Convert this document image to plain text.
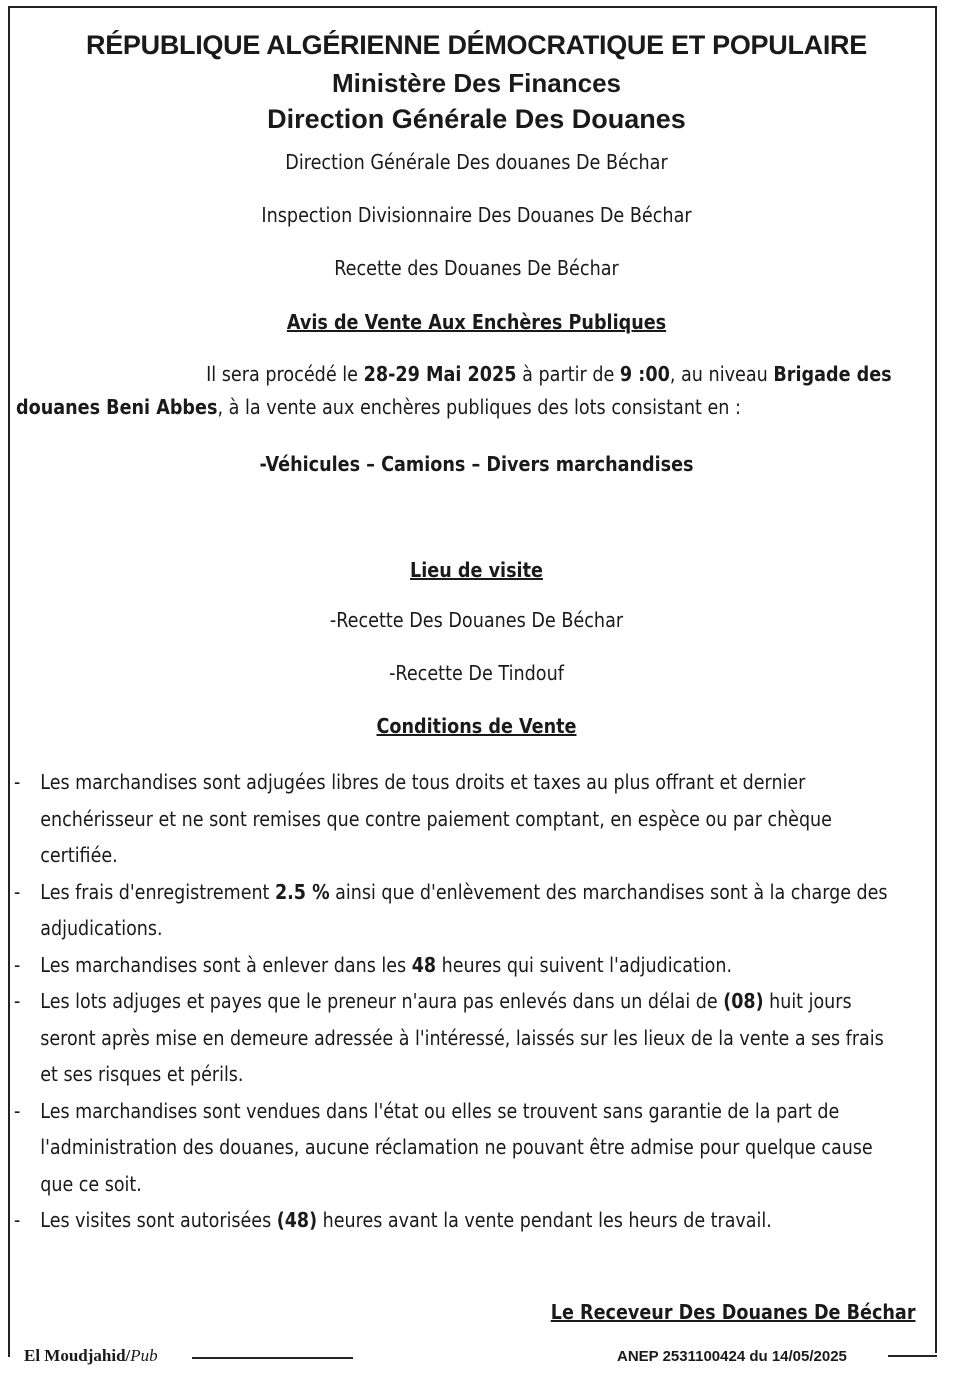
RÉPUBLIQUE ALGÉRIENNE DÉMOCRATIQUE ET POPULAIRE
Ministère Des Finances
Direction Générale Des Douanes
Direction Générale Des douanes De Béchar
Inspection Divisionnaire Des Douanes De Béchar
Recette des Douanes De Béchar
Avis de Vente Aux Enchères Publiques
Il sera procédé le 28-29 Mai 2025 à partir de 9 :00, au niveau Brigade des douanes Beni Abbes, à la vente aux enchères publiques des lots consistant en :
-Véhicules – Camions – Divers marchandises
Lieu de visite
-Recette Des Douanes De Béchar
-Recette De Tindouf
Conditions de Vente
- Les marchandises sont adjugées libres de tous droits et taxes au plus offrant et dernier enchérisseur et ne sont remises que contre paiement comptant, en espèce ou par chèque certifiée.
- Les frais d'enregistrement 2.5 % ainsi que d'enlèvement des marchandises sont à la charge des adjudications.
- Les marchandises sont à enlever dans les 48 heures qui suivent l'adjudication.
- Les lots adjuges et payes que le preneur n'aura pas enlevés dans un délai de (08) huit jours seront après mise en demeure adressée à l'intéressé, laissés sur les lieux de la vente a ses frais et ses risques et périls.
- Les marchandises sont vendues dans l'état ou elles se trouvent sans garantie de la part de l'administration des douanes, aucune réclamation ne pouvant être admise pour quelque cause que ce soit.
- Les visites sont autorisées (48) heures avant la vente pendant les heurs de travail.
Le Receveur Des Douanes De Béchar
El Moudjahid/Pub	ANEP 2531100424 du 14/05/2025
